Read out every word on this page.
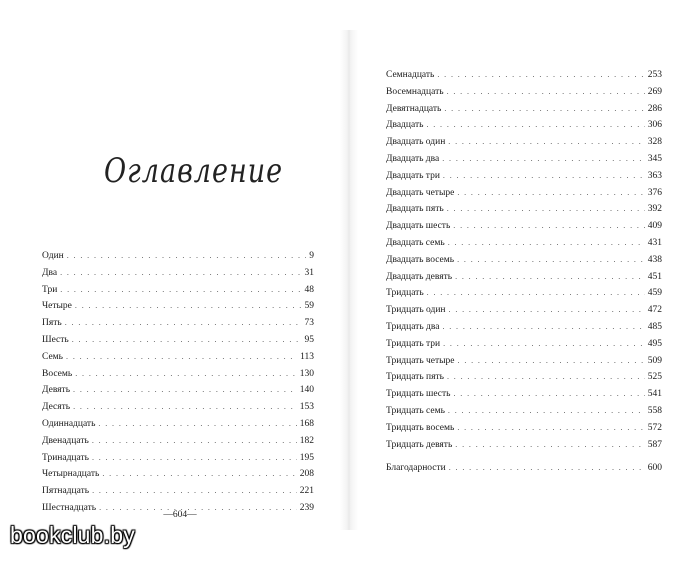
Оглавление
Один . . .	9
Два . . .	31
Три . . .	48
Четыре . . .	59
Пять . . .	73
Шесть . . .	95
Семь . . .	113
Восемь . . .	130
Девять . . .	140
Десять . . .	153
Одиннадцать . . .	168
Двенадцать . . .	182
Тринадцать . . .	195
Четырнадцать . . .	208
Пятнадцать . . .	221
Шестнадцать . . .	239
—604—
Семнадцать . . .	253
Восемнадцать . . .	269
Девятнадцать . . .	286
Двадцать . . .	306
Двадцать один . . .	328
Двадцать два . . .	345
Двадцать три . . .	363
Двадцать четыре . . .	376
Двадцать пять . . .	392
Двадцать шесть . . .	409
Двадцать семь . . .	431
Двадцать восемь . . .	438
Двадцать девять . . .	451
Тридцать . . .	459
Тридцать один . . .	472
Тридцать два . . .	485
Тридцать три . . .	495
Тридцать четыре . . .	509
Тридцать пять . . .	525
Тридцать шесть . . .	541
Тридцать семь . . .	558
Тридцать восемь . . .	572
Тридцать девять . . .	587
Благодарности . . .	600
bookclub.by
